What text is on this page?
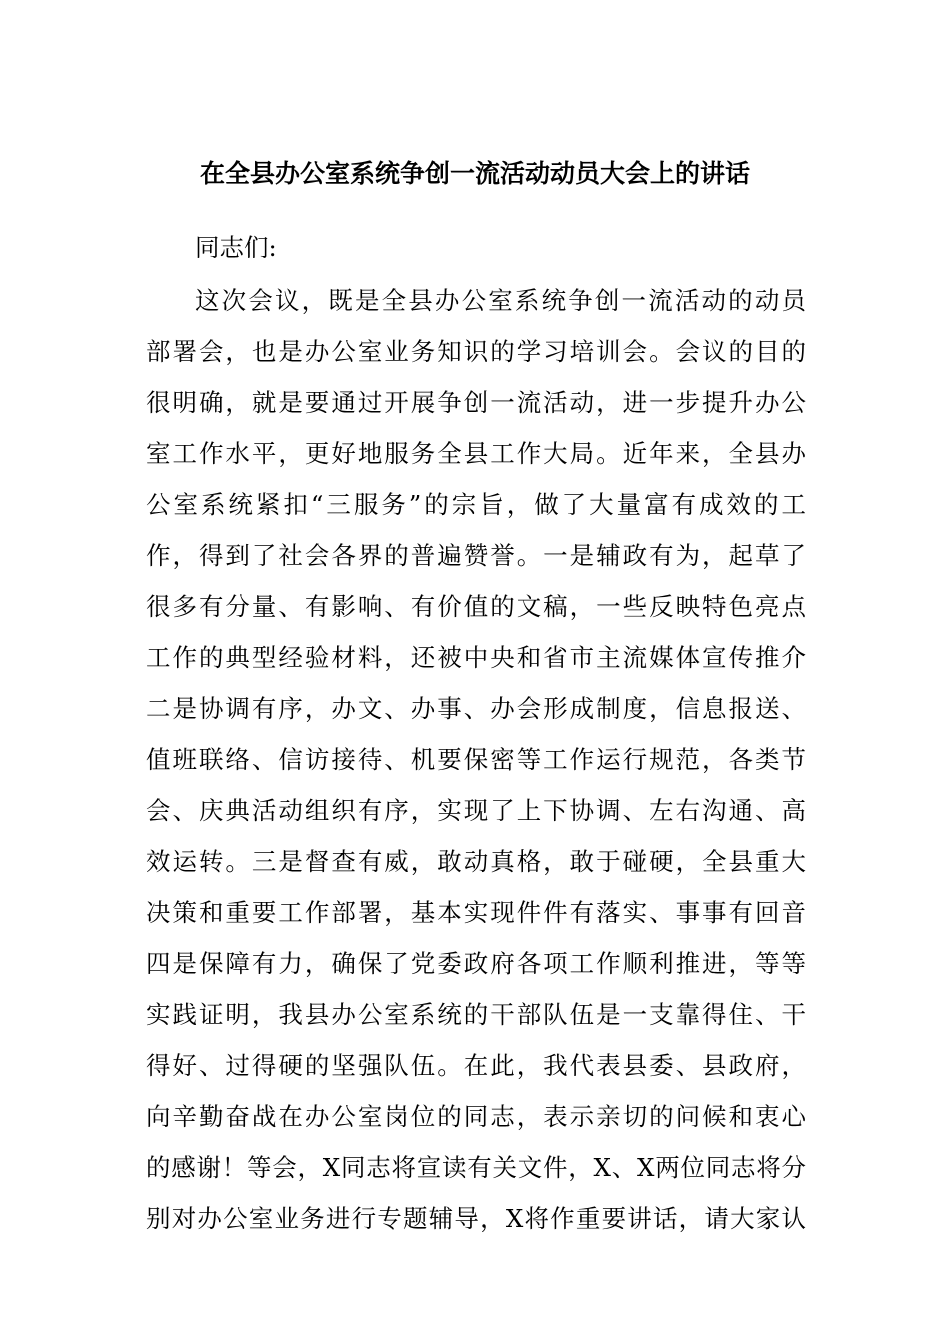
在全县办公室系统争创一流活动动员大会上的讲话
同志们:
这次会议，既是全县办公室系统争创一流活动的动员
部署会，也是办公室业务知识的学习培训会。会议的目的
很明确，就是要通过开展争创一流活动，进一步提升办公
室工作水平，更好地服务全县工作大局。近年来，全县办
公室系统紧扣“三服务”的宗旨，做了大量富有成效的工
作，得到了社会各界的普遍赞誉。一是辅政有为，起草了
很多有分量、有影响、有价值的文稿，一些反映特色亮点
工作的典型经验材料，还被中央和省市主流媒体宣传推介
二是协调有序，办文、办事、办会形成制度，信息报送、
值班联络、信访接待、机要保密等工作运行规范，各类节
会、庆典活动组织有序，实现了上下协调、左右沟通、高
效运转。三是督查有威，敢动真格，敢于碰硬，全县重大
决策和重要工作部署，基本实现件件有落实、事事有回音
四是保障有力，确保了党委政府各项工作顺利推进，等等
实践证明，我县办公室系统的干部队伍是一支靠得住、干
得好、过得硬的坚强队伍。在此，我代表县委、县政府，
向辛勤奋战在办公室岗位的同志，表示亲切的问候和衷心
的感谢！等会，X同志将宣读有关文件，X、X两位同志将分
别对办公室业务进行专题辅导，X将作重要讲话，请大家认
